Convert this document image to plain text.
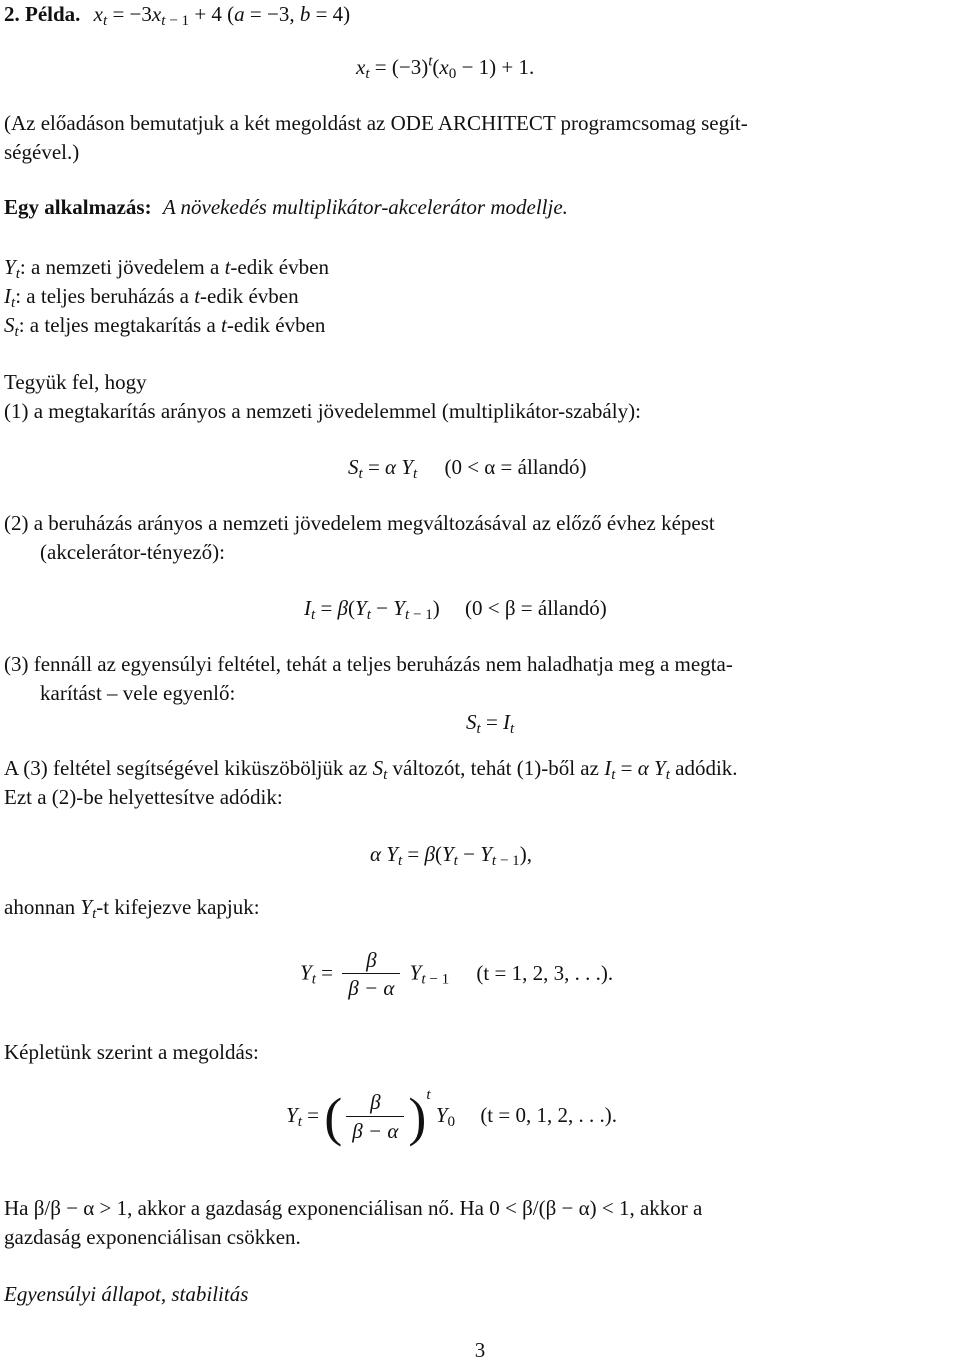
2. Példa. $x_t = -3x_t$ $_{- 1}$ + 4 (a = −3, b = 4)
$x_t = (-3)^t(x_0 - 1) + 1$.
(Az előadáson bemutatjuk a két megoldást az ODE ARCHITECT programcsomag segít-
ségével.)
Egy alkalmazás: A növekedés multiplikátor-akcelerátor modellje.
$Y_t$: a nemzeti jövedelem a t-edik évben
$I_t$: a teljes beruházás a t-edik évben
$S_t$: a teljes megtakarítás a t-edik évben
Tegyük fel, hogy
(1) a megtakarítás arányos a nemzeti jövedelemmel (multiplikátor-szabály):
$S_t = \alpha$ $Y_t$ (0 < α = állandó)
(2) a beruházás arányos a nemzeti jövedelem megváltozásával az előző évhez képest
(akcelerátor-tényező):
$I_t = \beta(Y_t - Y_{t - 1}) (0 < \beta$ = állandó)
(3) fennáll az egyensúlyi feltétel, tehát a teljes beruházás nem haladhatja meg a megta-
karítást – vele egyenlő:
$S_t = I_t$
A (3) feltétel segítségével kiküszöböljük az $S_t$ változót, tehát (1)-ből az $I_t = \alpha$ $Y_t$ adódik.
Ezt a (2)-be helyettesítve adódik:
α $Y_t = \beta(Y_t - Y_{t - 1})$,
ahonnan $Y_t-t$ kifejezve kapjuk:
$Y_t = \frac{\beta}{\beta - \alpha} Y_{t - 1}$ (t = 1, 2, 3, . . .).
Képletünk szerint a megoldás:
$Y_t$ = ( $\frac{\beta}{\beta - \alpha} )^t$ $Y_0$ (t = 0, 1, 2, . . .).
Ha β/β − α > 1, akkor a gazdaság exponenciálisan nő. Ha 0 < β/(β − α) < 1, akkor a
gazdaság exponenciálisan csökken.
Egyensúlyi állapot, stabilitás
3
